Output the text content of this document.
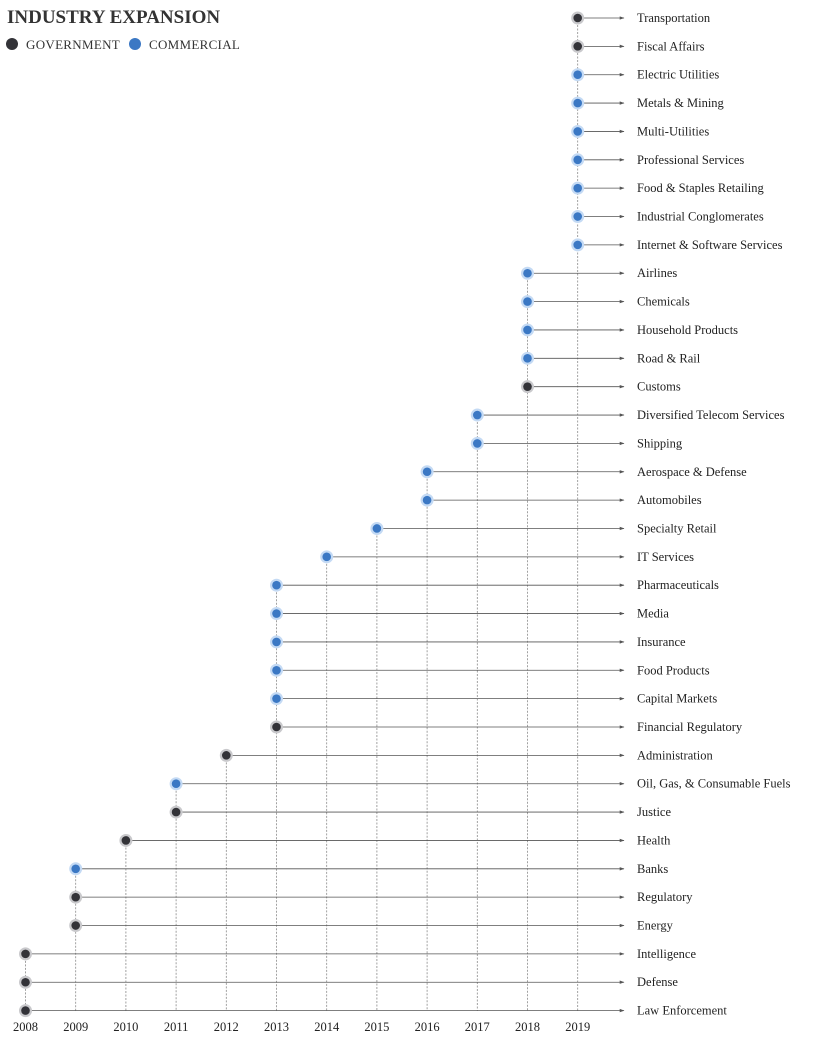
INDUSTRY EXPANSION
GOVERNMENT COMMERCIAL
Transportation
Fiscal Affairs
Electric Utilities
Metals & Mining
Multi-Utilities
Professional Services
Food & Staples Retailing
Industrial Conglomerates
Internet & Software Services
Airlines
Chemicals
Household Products
Road & Rail
Customs
Diversified Telecom Services
Shipping
Aerospace & Defense
Automobiles
Specialty Retail
IT Services
Pharmaceuticals
Media
Insurance
Food Products
Capital Markets
Financial Regulatory
Administration
Oil, Gas, & Consumable Fuels
Justice
Health
Banks
Regulatory
Energy
Intelligence
Defense
Law Enforcement
2008 2009 2010 2011 2012 2013 2014 2015 2016 2017 2018 2019
